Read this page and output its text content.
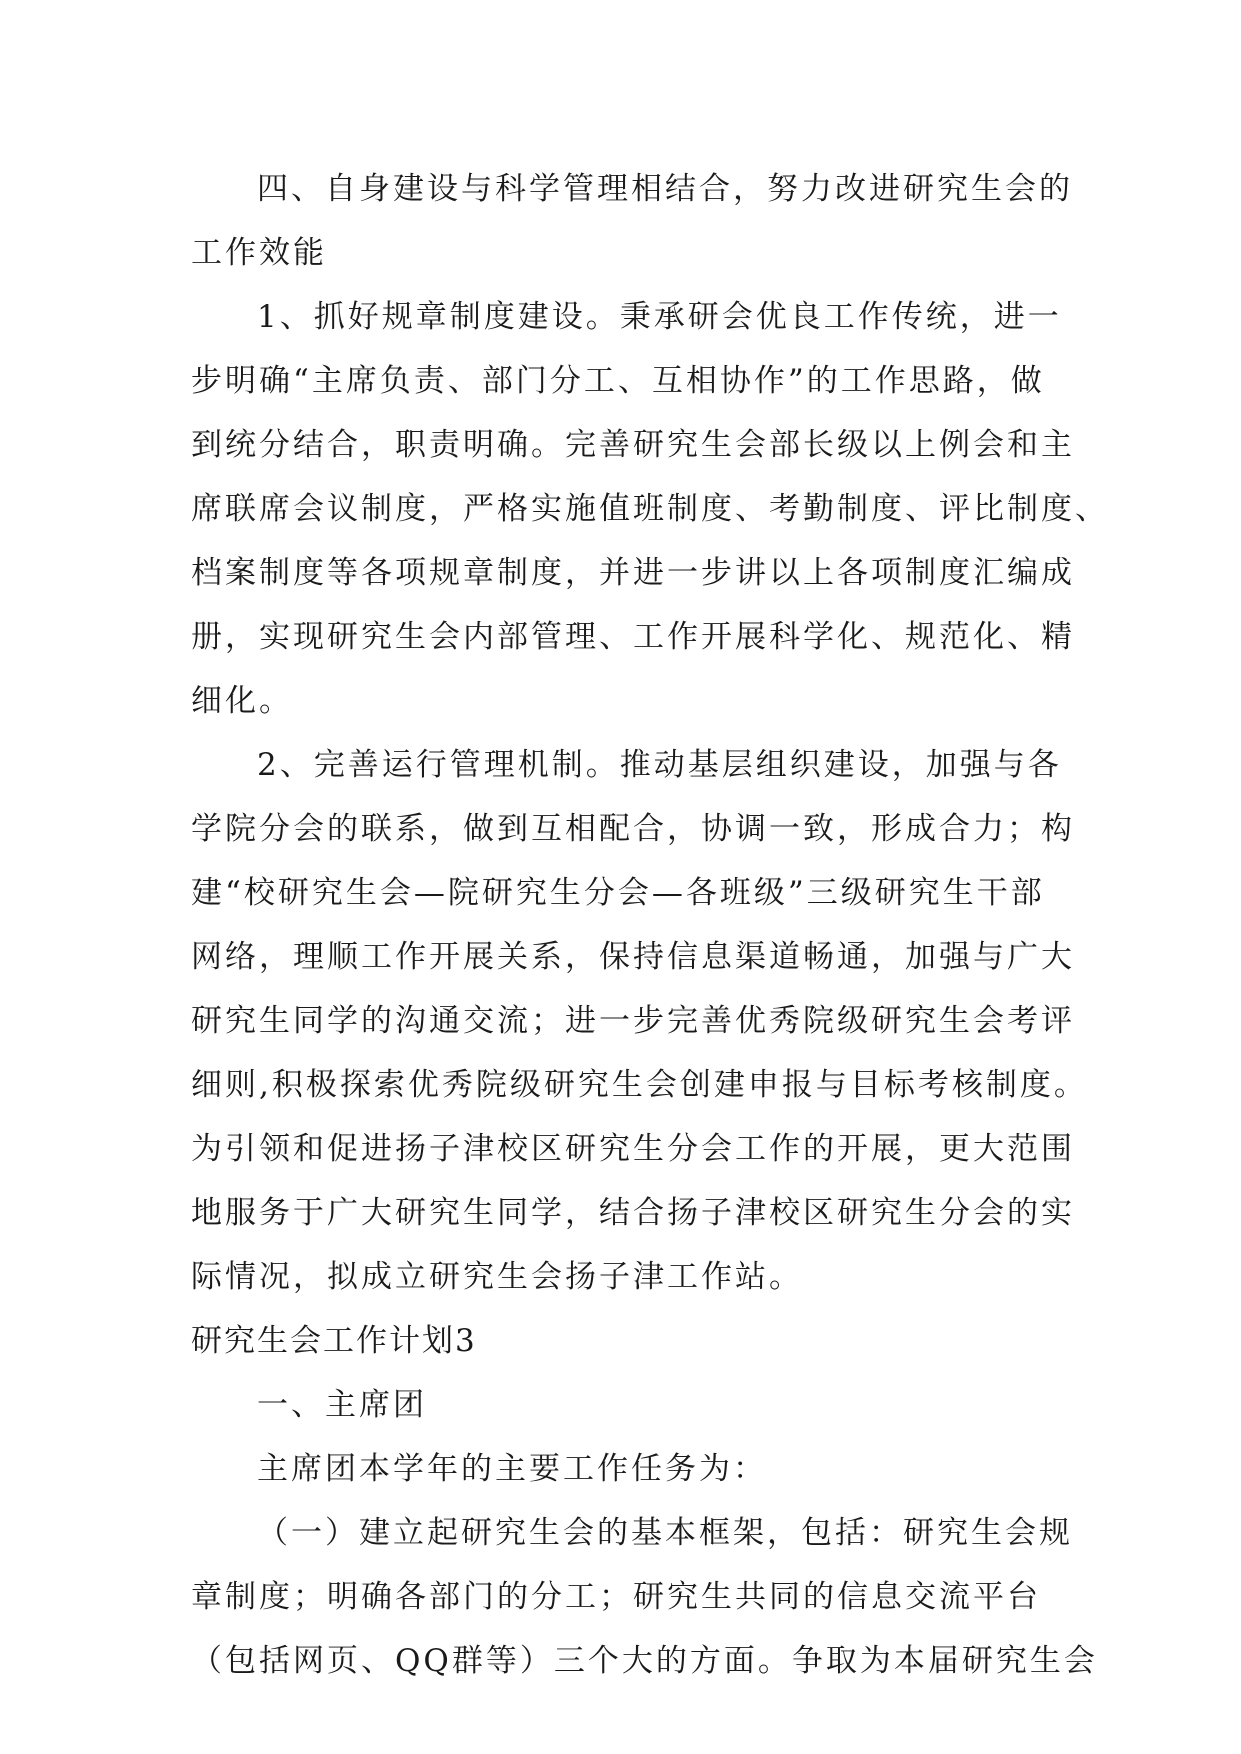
四、自身建设与科学管理相结合，努力改进研究生会的
工作效能
1、抓好规章制度建设。秉承研会优良工作传统，进一
步明确“主席负责、部门分工、互相协作”的工作思路，做
到统分结合，职责明确。完善研究生会部长级以上例会和主
席联席会议制度，严格实施值班制度、考勤制度、评比制度、
档案制度等各项规章制度，并进一步讲以上各项制度汇编成
册，实现研究生会内部管理、工作开展科学化、规范化、精
细化。
2、完善运行管理机制。推动基层组织建设，加强与各
学院分会的联系，做到互相配合，协调一致，形成合力；构
建“校研究生会—院研究生分会—各班级”三级研究生干部
网络，理顺工作开展关系，保持信息渠道畅通，加强与广大
研究生同学的沟通交流；进一步完善优秀院级研究生会考评
细则,积极探索优秀院级研究生会创建申报与目标考核制度。
为引领和促进扬子津校区研究生分会工作的开展，更大范围
地服务于广大研究生同学，结合扬子津校区研究生分会的实
际情况，拟成立研究生会扬子津工作站。
研究生会工作计划3
一、主席团
主席团本学年的主要工作任务为：
（一）建立起研究生会的基本框架，包括：研究生会规
章制度；明确各部门的分工；研究生共同的信息交流平台
（包括网页、QQ群等）三个大的方面。争取为本届研究生会
